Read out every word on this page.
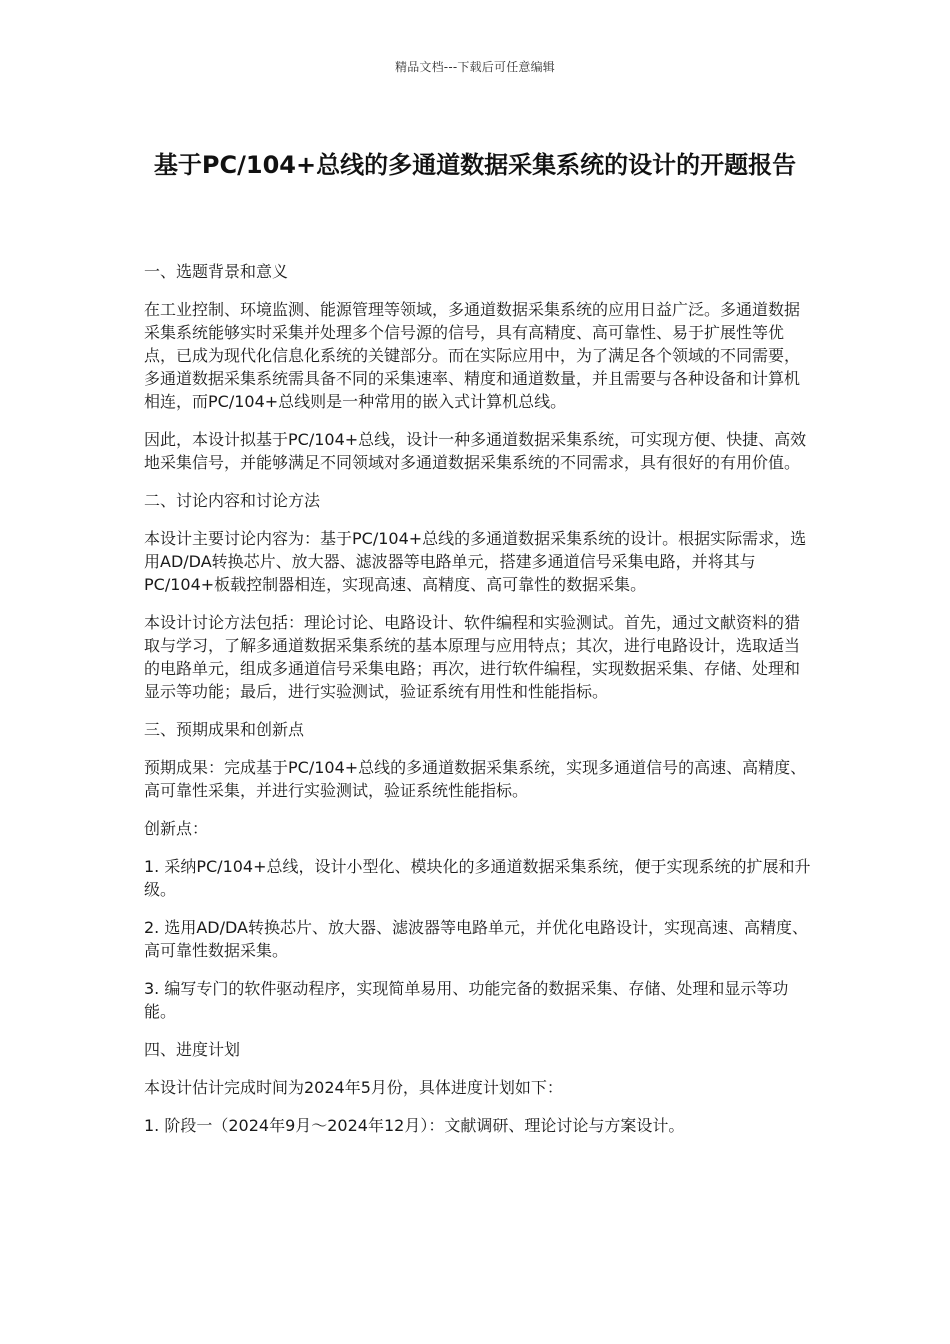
精品文档---下载后可任意编辑
基于PC/104+总线的多通道数据采集系统的设计的开题报告

一、选题背景和意义

在工业控制、环境监测、能源管理等领域，多通道数据采集系统的应用日益广泛。多通道数据采集系统能够实时采集并处理多个信号源的信号，具有高精度、高可靠性、易于扩展性等优点，已成为现代化信息化系统的关键部分。而在实际应用中，为了满足各个领域的不同需要，多通道数据采集系统需具备不同的采集速率、精度和通道数量，并且需要与各种设备和计算机相连，而PC/104+总线则是一种常用的嵌入式计算机总线。

因此，本设计拟基于PC/104+总线，设计一种多通道数据采集系统，可实现方便、快捷、高效地采集信号，并能够满足不同领域对多通道数据采集系统的不同需求，具有很好的有用价值。

二、讨论内容和讨论方法

本设计主要讨论内容为：基于PC/104+总线的多通道数据采集系统的设计。根据实际需求，选用AD/DA转换芯片、放大器、滤波器等电路单元，搭建多通道信号采集电路，并将其与PC/104+板载控制器相连，实现高速、高精度、高可靠性的数据采集。

本设计讨论方法包括：理论讨论、电路设计、软件编程和实验测试。首先，通过文献资料的猎取与学习，了解多通道数据采集系统的基本原理与应用特点；其次，进行电路设计，选取适当的电路单元，组成多通道信号采集电路；再次，进行软件编程，实现数据采集、存储、处理和显示等功能；最后，进行实验测试，验证系统有用性和性能指标。

三、预期成果和创新点

预期成果：完成基于PC/104+总线的多通道数据采集系统，实现多通道信号的高速、高精度、高可靠性采集，并进行实验测试，验证系统性能指标。

创新点：

1. 采纳PC/104+总线，设计小型化、模块化的多通道数据采集系统，便于实现系统的扩展和升级。

2. 选用AD/DA转换芯片、放大器、滤波器等电路单元，并优化电路设计，实现高速、高精度、高可靠性数据采集。

3. 编写专门的软件驱动程序，实现简单易用、功能完备的数据采集、存储、处理和显示等功能。

四、进度计划

本设计估计完成时间为2024年5月份，具体进度计划如下：

1. 阶段一（2024年9月～2024年12月）：文献调研、理论讨论与方案设计。
